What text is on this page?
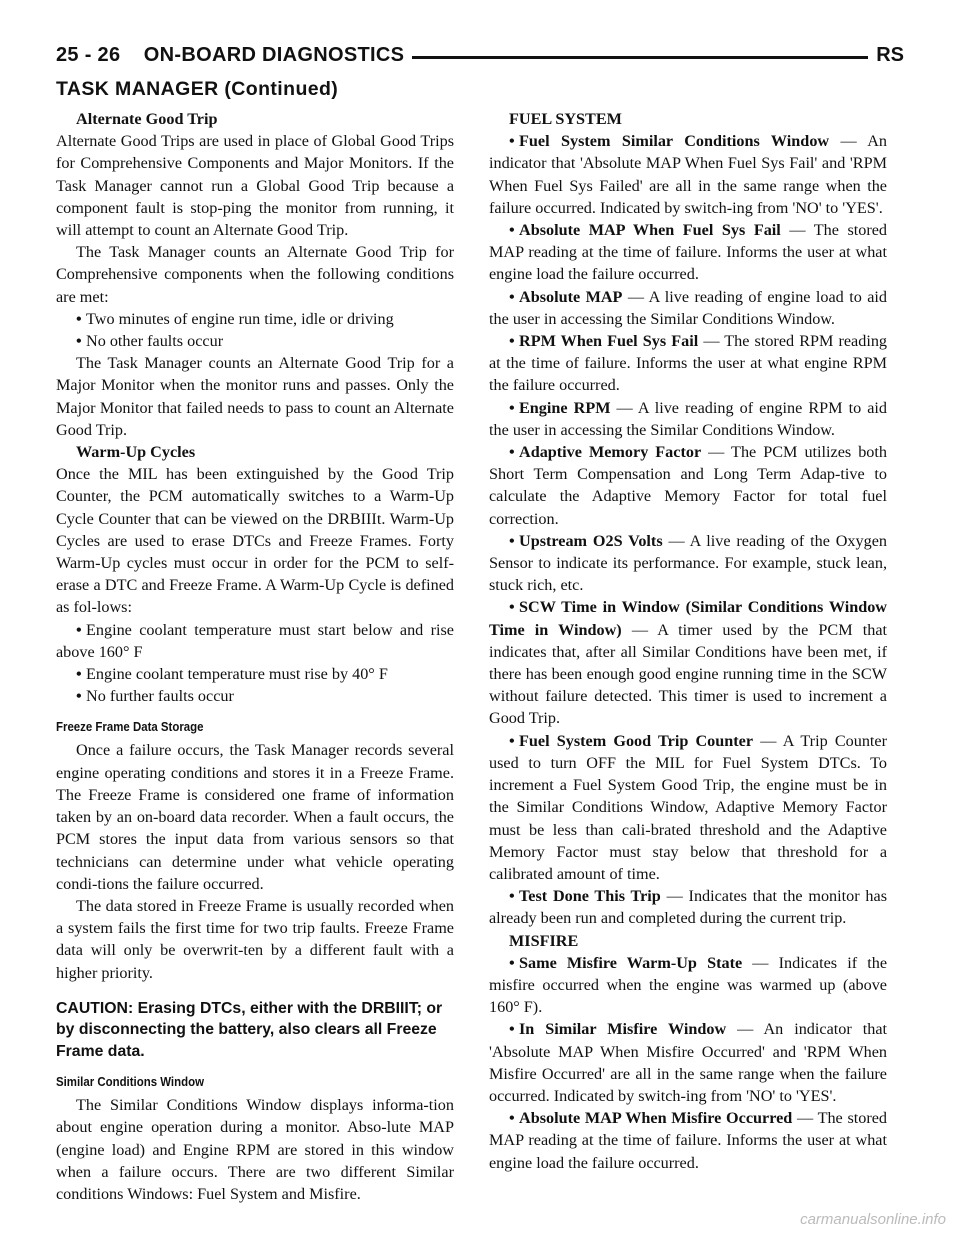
25 - 26    ON-BOARD DIAGNOSTICS	RS
TASK MANAGER (Continued)

Alternate Good Trip

Alternate Good Trips are used in place of Global Good Trips for Comprehensive Components and Major Monitors. If the Task Manager cannot run a Global Good Trip because a component fault is stop-ping the monitor from running, it will attempt to count an Alternate Good Trip.

The Task Manager counts an Alternate Good Trip for Comprehensive components when the following conditions are met:

• Two minutes of engine run time, idle or driving

• No other faults occur

The Task Manager counts an Alternate Good Trip for a Major Monitor when the monitor runs and passes. Only the Major Monitor that failed needs to pass to count an Alternate Good Trip.

Warm-Up Cycles

Once the MIL has been extinguished by the Good Trip Counter, the PCM automatically switches to a Warm-Up Cycle Counter that can be viewed on the DRBIIIt. Warm-Up Cycles are used to erase DTCs and Freeze Frames. Forty Warm-Up cycles must occur in order for the PCM to self-erase a DTC and Freeze Frame. A Warm-Up Cycle is defined as fol-lows:

• Engine coolant temperature must start below and rise above 160° F

• Engine coolant temperature must rise by 40° F

• No further faults occur

Freeze Frame Data Storage

Once a failure occurs, the Task Manager records several engine operating conditions and stores it in a Freeze Frame. The Freeze Frame is considered one frame of information taken by an on-board data recorder. When a fault occurs, the PCM stores the input data from various sensors so that technicians can determine under what vehicle operating condi-tions the failure occurred.

The data stored in Freeze Frame is usually recorded when a system fails the first time for two trip faults. Freeze Frame data will only be overwrit-ten by a different fault with a higher priority.

CAUTION: Erasing DTCs, either with the DRBIIIT; or by disconnecting the battery, also clears all Freeze Frame data.

Similar Conditions Window

The Similar Conditions Window displays informa-tion about engine operation during a monitor. Abso-lute MAP (engine load) and Engine RPM are stored in this window when a failure occurs. There are two different Similar conditions Windows: Fuel System and Misfire.

FUEL SYSTEM

• Fuel System Similar Conditions Window — An indicator that 'Absolute MAP When Fuel Sys Fail' and 'RPM When Fuel Sys Failed' are all in the same range when the failure occurred. Indicated by switch-ing from 'NO' to 'YES'.

• Absolute MAP When Fuel Sys Fail — The stored MAP reading at the time of failure. Informs the user at what engine load the failure occurred.

• Absolute MAP — A live reading of engine load to aid the user in accessing the Similar Conditions Window.

• RPM When Fuel Sys Fail — The stored RPM reading at the time of failure. Informs the user at what engine RPM the failure occurred.

• Engine RPM — A live reading of engine RPM to aid the user in accessing the Similar Conditions Window.

• Adaptive Memory Factor — The PCM utilizes both Short Term Compensation and Long Term Adap-tive to calculate the Adaptive Memory Factor for total fuel correction.

• Upstream O2S Volts — A live reading of the Oxygen Sensor to indicate its performance. For example, stuck lean, stuck rich, etc.

• SCW Time in Window (Similar Conditions Window Time in Window) — A timer used by the PCM that indicates that, after all Similar Conditions have been met, if there has been enough good engine running time in the SCW without failure detected. This timer is used to increment a Good Trip.

• Fuel System Good Trip Counter — A Trip Counter used to turn OFF the MIL for Fuel System DTCs. To increment a Fuel System Good Trip, the engine must be in the Similar Conditions Window, Adaptive Memory Factor must be less than cali-brated threshold and the Adaptive Memory Factor must stay below that threshold for a calibrated amount of time.

• Test Done This Trip — Indicates that the monitor has already been run and completed during the current trip.

MISFIRE

• Same Misfire Warm-Up State — Indicates if the misfire occurred when the engine was warmed up (above 160° F).

• In Similar Misfire Window — An indicator that 'Absolute MAP When Misfire Occurred' and 'RPM When Misfire Occurred' are all in the same range when the failure occurred. Indicated by switch-ing from 'NO' to 'YES'.

• Absolute MAP When Misfire Occurred — The stored MAP reading at the time of failure. Informs the user at what engine load the failure occurred.

carmanualsonline.info
